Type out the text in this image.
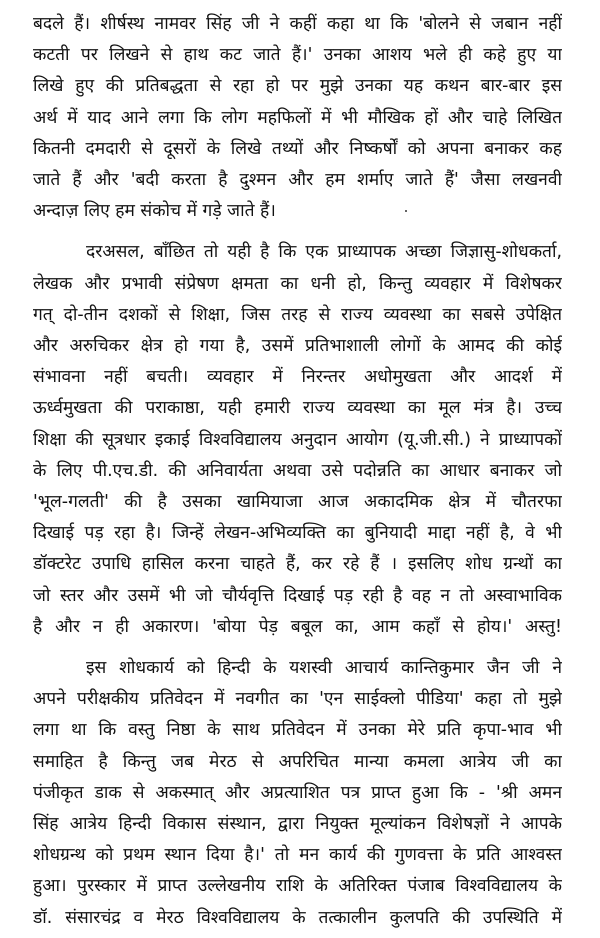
बदले हैं। शीर्षस्थ नामवर सिंह जी ने कहीं कहा था कि 'बोलने से जबान नहीं
कटती पर लिखने से हाथ कट जाते हैं।' उनका आशय भले ही कहे हुए या
लिखे हुए की प्रतिबद्धता से रहा हो पर मुझे उनका यह कथन बार-बार इस
अर्थ में याद आने लगा कि लोग महफिलों में भी मौखिक हों और चाहे लिखित
कितनी दमदारी से दूसरों के लिखे तथ्यों और निष्कर्षों को अपना बनाकर कह
जाते हैं और 'बदी करता है दुश्मन और हम शर्माए जाते हैं' जैसा लखनवी
अन्दाज़ लिए हम संकोच में गड़े जाते हैं।
दरअसल, बाँछित तो यही है कि एक प्राध्यापक अच्छा जिज्ञासु-शोधकर्ता,
लेखक और प्रभावी संप्रेषण क्षमता का धनी हो, किन्तु व्यवहार में विशेषकर
गत् दो-तीन दशकों से शिक्षा, जिस तरह से राज्य व्यवस्था का सबसे उपेक्षित
और अरुचिकर क्षेत्र हो गया है, उसमें प्रतिभाशाली लोगों के आमद की कोई
संभावना नहीं बचती। व्यवहार में निरन्तर अधोमुखता और आदर्श में
ऊर्ध्वमुखता की पराकाष्ठा, यही हमारी राज्य व्यवस्था का मूल मंत्र है। उच्च
शिक्षा की सूत्रधार इकाई विश्वविद्यालय अनुदान आयोग (यू.जी.सी.) ने प्राध्यापकों
के लिए पी.एच.डी. की अनिवार्यता अथवा उसे पदोन्नति का आधार बनाकर जो
'भूल-गलती' की है उसका खामियाजा आज अकादमिक क्षेत्र में चौतरफा
दिखाई पड़ रहा है। जिन्हें लेखन-अभिव्यक्ति का बुनियादी माद्दा नहीं है, वे भी
डॉक्टरेट उपाधि हासिल करना चाहते हैं, कर रहे हैं । इसलिए शोध ग्रन्थों का
जो स्तर और उसमें भी जो चौर्यवृत्ति दिखाई पड़ रही है वह न तो अस्वाभाविक
है और न ही अकारण। 'बोया पेड़ बबूल का, आम कहाँ से होय।' अस्तु!
इस शोधकार्य को हिन्दी के यशस्वी आचार्य कान्तिकुमार जैन जी ने
अपने परीक्षकीय प्रतिवेदन में नवगीत का 'एन साईक्लो पीडिया' कहा तो मुझे
लगा था कि वस्तु निष्ठा के साथ प्रतिवेदन में उनका मेरे प्रति कृपा-भाव भी
समाहित है किन्तु जब मेरठ से अपरिचित मान्या कमला आत्रेय जी का
पंजीकृत डाक से अकस्मात् और अप्रत्याशित पत्र प्राप्त हुआ कि - 'श्री अमन
सिंह आत्रेय हिन्दी विकास संस्थान, द्वारा नियुक्त मूल्यांकन विशेषज्ञों ने आपके
शोधग्रन्थ को प्रथम स्थान दिया है।' तो मन कार्य की गुणवत्ता के प्रति आश्वस्त
हुआ। पुरस्कार में प्राप्त उल्लेखनीय राशि के अतिरिक्त पंजाब विश्वविद्यालय के
डॉ. संसारचंद्र व मेरठ विश्वविद्यालय के तत्कालीन कुलपति की उपस्थिति में
